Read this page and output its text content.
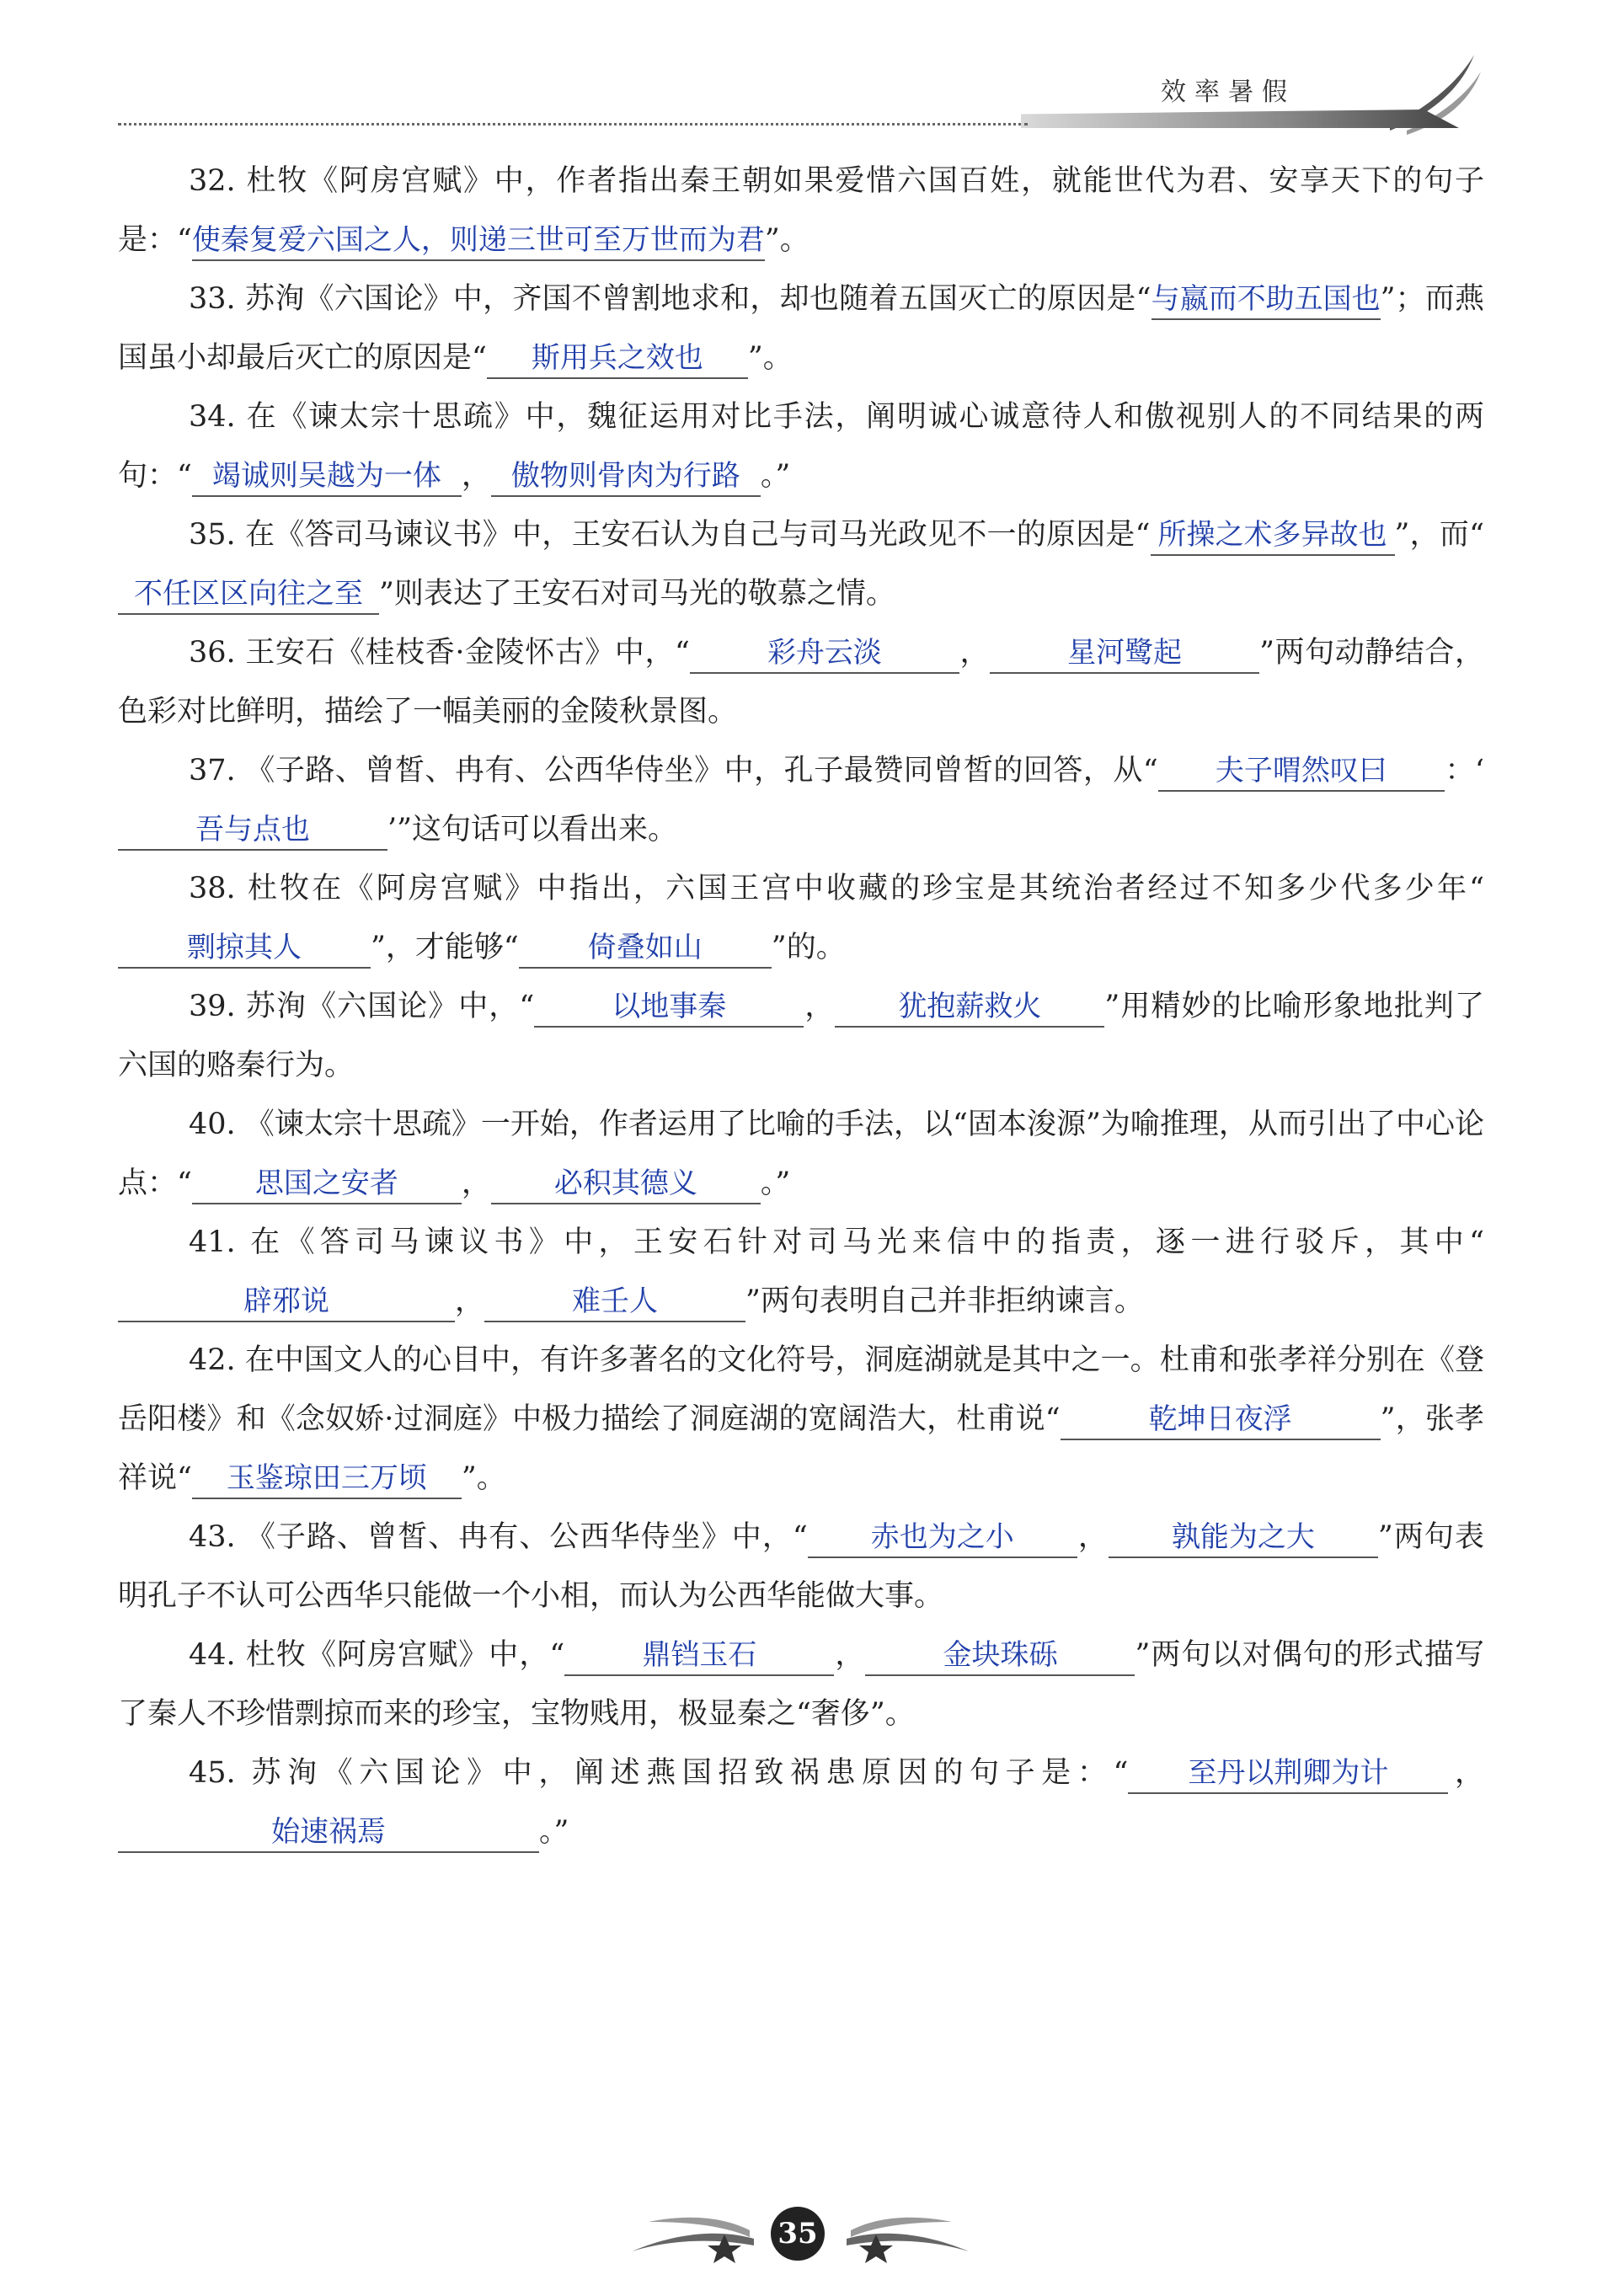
效率暑假

32. 杜牧《阿房宫赋》中，作者指出秦王朝如果爱惜六国百姓，就能世代为君、安享天下的句子是：“使秦复爱六国之人，则递三世可至万世而为君”。

33. 苏洵《六国论》中，齐国不曾割地求和，却也随着五国灭亡的原因是“与嬴而不助五国也”；而燕国虽小却最后灭亡的原因是“ 斯用兵之效也 ”。

34. 在《谏太宗十思疏》中，魏征运用对比手法，阐明诚心诚意待人和傲视别人的不同结果的两句：“ 竭诚则吴越为一体 ， 傲物则骨肉为行路 。”

35. 在《答司马谏议书》中，王安石认为自己与司马光政见不一的原因是“ 所操之术多异故也 ”，而“不任区区向往之至 ”则表达了王安石对司马光的敬慕之情。

36. 王安石《桂枝香·金陵怀古》中，“	彩舟云淡	，	星河鹭起	”两句动静结合，色彩对比鲜明，描绘了一幅美丽的金陵秋景图。

37. 《子路、曾皙、冉有、公西华侍坐》中，孔子最赞同曾皙的回答，从“ 夫子喟然叹曰 ：‘吾与点也	’”这句话可以看出来。

38. 杜牧在《阿房宫赋》中指出，六国王宫中收藏的珍宝是其统治者经过不知多少代多少年“剽掠其人 ”，才能够“ 倚叠如山 ”的。

39. 苏洵《六国论》中，“	以地事秦	， 犹抱薪救火 ”用精妙的比喻形象地批判了六国的赂秦行为。

40. 《谏太宗十思疏》一开始，作者运用了比喻的手法，以“固本浚源”为喻推理，从而引出了中心论点：“ 思国之安者 ， 必积其德义 。”

41. 在《答司马谏议书》中，王安石针对司马光来信中的指责，逐一进行驳斥，其中“辟邪说	，	难壬人	”两句表明自己并非拒纳谏言。

42. 在中国文人的心目中，有许多著名的文化符号，洞庭湖就是其中之一。杜甫和张孝祥分别在《登岳阳楼》和《念奴娇·过洞庭》中极力描绘了洞庭湖的宽阔浩大，杜甫说“	乾坤日夜浮	”，张孝祥说“ 玉鉴琼田三万顷 ”。

43. 《子路、曾皙、冉有、公西华侍坐》中，“ 赤也为之小 ， 孰能为之大 ”两句表明孔子不认可公西华只能做一个小相，而认为公西华能做大事。

44. 杜牧《阿房宫赋》中，“	鼎铛玉石	，	金块珠砾	”两句以对偶句的形式描写了秦人不珍惜剽掠而来的珍宝，宝物贱用，极显秦之“奢侈”。

45. 苏洵《六国论》中，阐述燕国招致祸患原因的句子是：“ 至丹以荆卿为计 ，始速祸焉	。”

35
